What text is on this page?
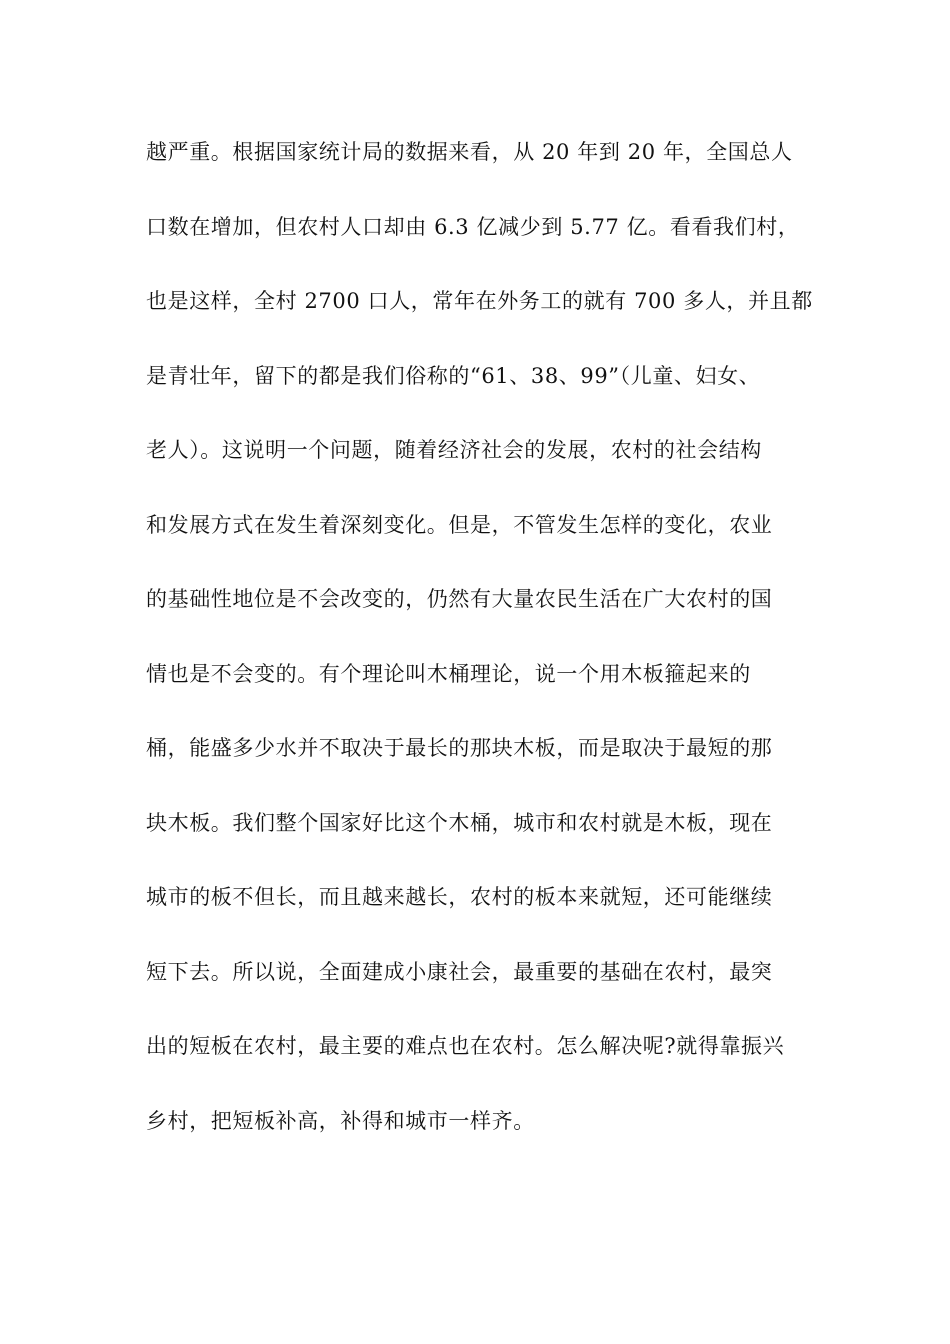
越严重。根据国家统计局的数据来看，从 20 年到 20 年，全国总人
口数在增加，但农村人口却由 6.3 亿减少到 5.77 亿。看看我们村，
也是这样，全村 2700 口人，常年在外务工的就有 700 多人，并且都
是青壮年，留下的都是我们俗称的“61、38、99”（儿童、妇女、
老人）。这说明一个问题，随着经济社会的发展，农村的社会结构
和发展方式在发生着深刻变化。但是，不管发生怎样的变化，农业
的基础性地位是不会改变的，仍然有大量农民生活在广大农村的国
情也是不会变的。有个理论叫木桶理论，说一个用木板箍起来的
桶，能盛多少水并不取决于最长的那块木板，而是取决于最短的那
块木板。我们整个国家好比这个木桶，城市和农村就是木板，现在
城市的板不但长，而且越来越长，农村的板本来就短，还可能继续
短下去。所以说，全面建成小康社会，最重要的基础在农村，最突
出的短板在农村，最主要的难点也在农村。怎么解决呢?就得靠振兴
乡村，把短板补高，补得和城市一样齐。
